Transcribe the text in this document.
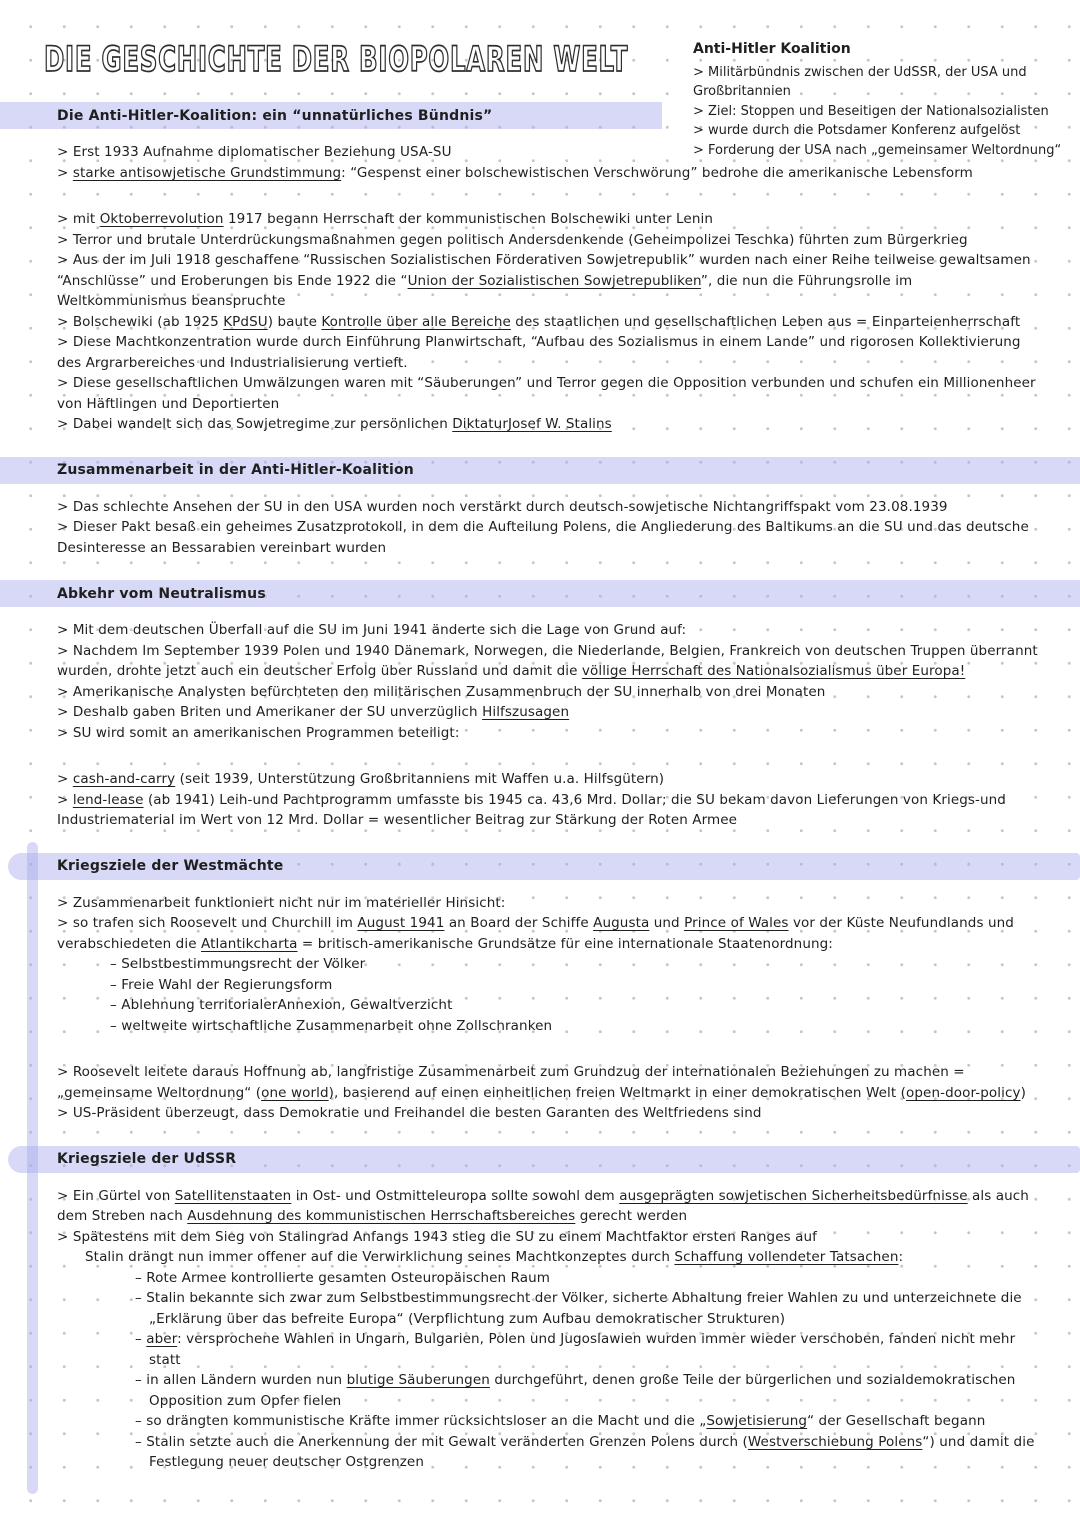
DIE GESCHICHTE DER BIOPOLAREN WELT	Anti-Hitler Koalition

> Militärbündnis zwischen der UdSSR, der USA und Großbritannien

> Ziel: Stoppen und Beseitigen der Nationalsozialisten

> wurde durch die Potsdamer Konferenz aufgelöst

> Forderung der USA nach „gemeinsamer Weltordnung“

Die Anti-Hitler-Koalition: ein “unnatürliches Bündnis”

> Erst 1933 Aufnahme diplomatischer Beziehung USA-SU

> starke antisowjetische Grundstimmung: “Gespenst einer bolschewistischen Verschwörung” bedrohe die amerikanische Lebensform

> mit Oktoberrevolution 1917 begann Herrschaft der kommunistischen Bolschewiki unter Lenin

> Terror und brutale Unterdrückungsmaßnahmen gegen politisch Andersdenkende (Geheimpolizei Teschka) führten zum Bürgerkrieg

> Aus der im Juli 1918 geschaffene “Russischen Sozialistischen Förderativen Sowjetrepublik” wurden nach einer Reihe teilweise gewaltsamen “Anschlüsse” und Eroberungen bis Ende 1922 die “Union der Sozialistischen Sowjetrepubliken”, die nun die Führungsrolle im Weltkommunismus beanspruchte

> Bolschewiki (ab 1925 KPdSU) baute Kontrolle über alle Bereiche des staatlichen und gesellschaftlichen Leben aus = Einparteienherrschaft

> Diese Machtkonzentration wurde durch Einführung Planwirtschaft, “Aufbau des Sozialismus in einem Lande” und rigorosen Kollektivierung des Argrarbereiches und Industrialisierung vertieft.

> Diese gesellschaftlichen Umwälzungen waren mit “Säuberungen” und Terror gegen die Opposition verbunden und schufen ein Millionenheer von Häftlingen und Deportierten

> Dabei wandelt sich das Sowjetregime zur persönlichen DiktaturJosef W. Stalins

Zusammenarbeit in der Anti-Hitler-Koalition

> Das schlechte Ansehen der SU in den USA wurden noch verstärkt durch deutsch-sowjetische Nichtangriffspakt vom 23.08.1939

> Dieser Pakt besaß ein geheimes Zusatzprotokoll, in dem die Aufteilung Polens, die Angliederung des Baltikums an die SU und das deutsche Desinteresse an Bessarabien vereinbart wurden

Abkehr vom Neutralismus

> Mit dem deutschen Überfall auf die SU im Juni 1941 änderte sich die Lage von Grund auf:

> Nachdem Im September 1939 Polen und 1940 Dänemark, Norwegen, die Niederlande, Belgien, Frankreich von deutschen Truppen überrannt wurden, drohte jetzt auch ein deutscher Erfolg über Russland und damit die völlige Herrschaft des Nationalsozialismus über Europa!

> Amerikanische Analysten befürchteten den militärischen Zusammenbruch der SU innerhalb von drei Monaten

> Deshalb gaben Briten und Amerikaner der SU unverzüglich Hilfszusagen

> SU wird somit an amerikanischen Programmen beteiligt:

> cash-and-carry (seit 1939, Unterstützung Großbritanniens mit Waffen u.a. Hilfsgütern)

> lend-lease (ab 1941) Leih-und Pachtprogramm umfasste bis 1945 ca. 43,6 Mrd. Dollar; die SU bekam davon Lieferungen von Kriegs-und Industriematerial im Wert von 12 Mrd. Dollar = wesentlicher Beitrag zur Stärkung der Roten Armee

Kriegsziele der Westmächte

> Zusammenarbeit funktioniert nicht nur im materieller Hinsicht:

> so trafen sich Roosevelt und Churchill im August 1941 an Board der Schiffe Augusta und Prince of Wales vor der Küste Neufundlands und verabschiedeten die Atlantikcharta = britisch-amerikanische Grundsätze für eine internationale Staatenordnung:

– Selbstbestimmungsrecht der Völker

– Freie Wahl der Regierungsform

– Ablehnung territorialerAnnexion, Gewaltverzicht

– weltweite wirtschaftliche Zusammenarbeit ohne Zollschranken

> Roosevelt leitete daraus Hoffnung ab, langfristige Zusammenarbeit zum Grundzug der internationalen Beziehungen zu machen = „gemeinsame Weltordnung“ (one world), basierend auf einen einheitlichen freien Weltmarkt in einer demokratischen Welt (open-door-policy)

> US-Präsident überzeugt, dass Demokratie und Freihandel die besten Garanten des Weltfriedens sind

Kriegsziele der UdSSR

> Ein Gürtel von Satellitenstaaten in Ost- und Ostmitteleuropa sollte sowohl dem ausgeprägten sowjetischen Sicherheitsbedürfnisse als auch dem Streben nach Ausdehnung des kommunistischen Herrschaftsbereiches gerecht werden

> Spätestens mit dem Sieg von Stalingrad Anfangs 1943 stieg die SU zu einem Machtfaktor ersten Ranges auf

Stalin drängt nun immer offener auf die Verwirklichung seines Machtkonzeptes durch Schaffung vollendeter Tatsachen:

– Rote Armee kontrollierte gesamten Osteuropäischen Raum

– Stalin bekannte sich zwar zum Selbstbestimmungsrecht der Völker, sicherte Abhaltung freier Wahlen zu und unterzeichnete die „Erklärung über das befreite Europa“ (Verpflichtung zum Aufbau demokratischer Strukturen)

– aber: versprochene Wahlen in Ungarn, Bulgarien, Polen und Jugoslawien wurden immer wieder verschoben, fanden nicht mehr statt

– in allen Ländern wurden nun blutige Säuberungen durchgeführt, denen große Teile der bürgerlichen und sozialdemokratischen Opposition zum Opfer fielen

– so drängten kommunistische Kräfte immer rücksichtsloser an die Macht und die „Sowjetisierung“ der Gesellschaft begann

– Stalin setzte auch die Anerkennung der mit Gewalt veränderten Grenzen Polens durch (Westverschiebung Polens“) und damit die Festlegung neuer deutscher Ostgrenzen
